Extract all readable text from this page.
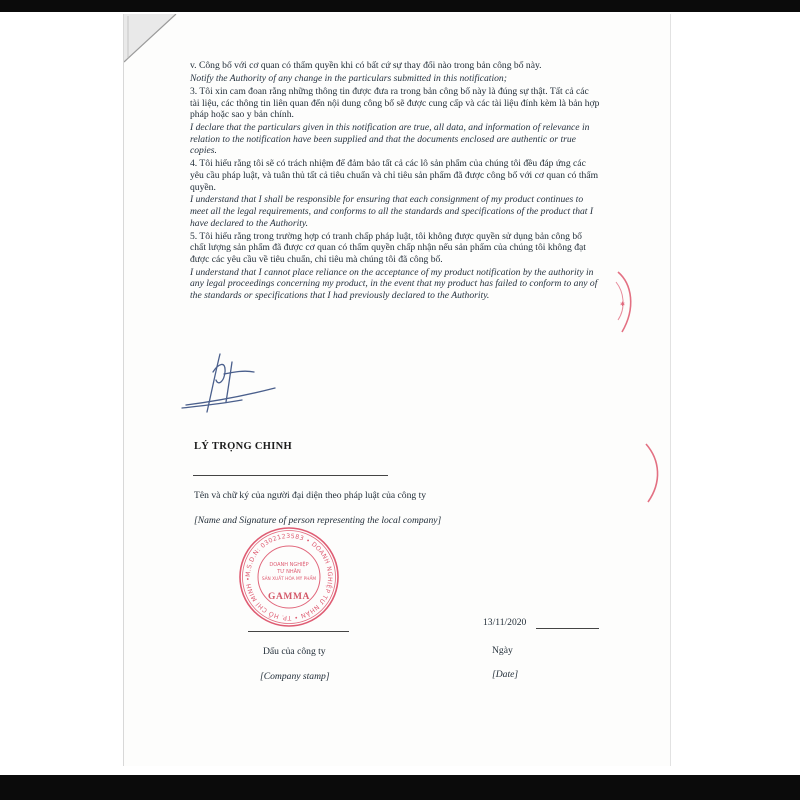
v. Công bố với cơ quan có thẩm quyền khi có bất cứ sự thay đổi nào trong bản công bố này.

Notify the Authority of any change in the particulars submitted in this notification;

3. Tôi xin cam đoan rằng những thông tin được đưa ra trong bản công bố này là đúng sự thật. Tất cả các tài liệu, các thông tin liên quan đến nội dung công bố sẽ được cung cấp và các tài liệu đính kèm là bản hợp pháp hoặc sao y bản chính.

I declare that the particulars given in this notification are true, all data, and information of relevance in relation to the notification have been supplied and that the documents enclosed are authentic or true copies.

4. Tôi hiểu rằng tôi sẽ có trách nhiệm để đảm bảo tất cả các lô sản phẩm của chúng tôi đều đáp ứng các yêu cầu pháp luật, và tuân thủ tất cả tiêu chuẩn và chỉ tiêu sản phẩm đã được công bố với cơ quan có thẩm quyền.

I understand that I shall be responsible for ensuring that each consignment of my product continues to meet all the legal requirements, and conforms to all the standards and specifications of the product that I have declared to the Authority.

5. Tôi hiểu rằng trong trường hợp có tranh chấp pháp luật, tôi không được quyền sử dụng bản công bố chất lượng sản phẩm đã được cơ quan có thẩm quyền chấp nhận nếu sản phẩm của chúng tôi không đạt được các yêu cầu về tiêu chuẩn, chỉ tiêu mà chúng tôi đã công bố.

I understand that I cannot place reliance on the acceptance of my product notification by the authority in any legal proceedings concerning my product, in the event that my product has failed to conform to any of the standards or specifications that I had previously declared to the Authority.

LÝ TRỌNG CHINH
Tên và chữ ký của người đại diện theo pháp luật của công ty
[Name and Signature of person representing the local company]
M.S.D.N: 0302123583 • DOANH NGHIỆP TƯ NHÂN • TP. HỒ CHÍ MINH •
DOANH NGHIỆP
TƯ NHÂN
SẢN XUẤT HÓA MỸ PHẨM
GAMMA
Dấu của công ty
[Company stamp]
13/11/2020
Ngày
[Date]
✱
